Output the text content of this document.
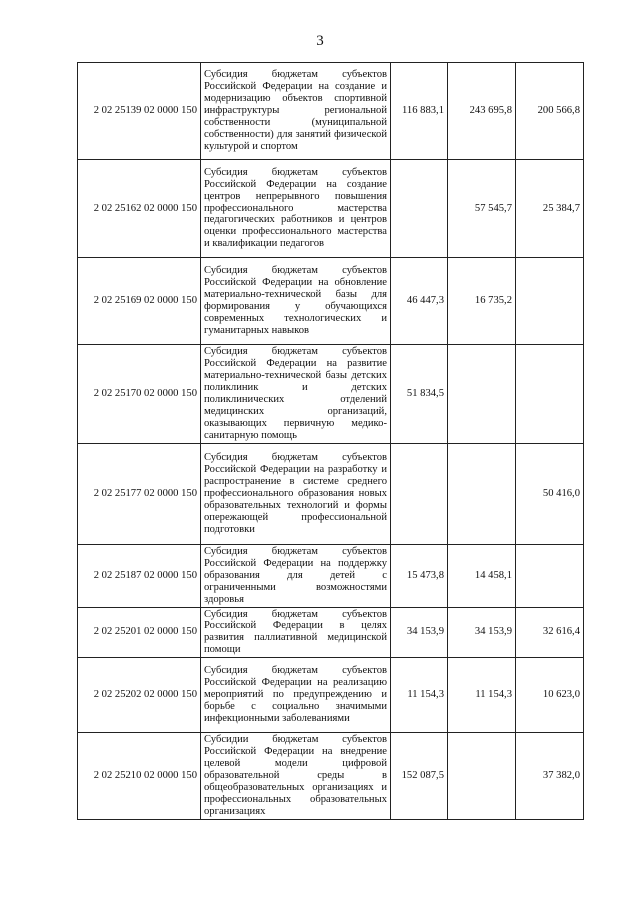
3
2 02 25139 02 0000 150	Субсидия бюджетам субъектов Российской Федерации на создание и модернизацию объектов спортивной инфраструктуры региональной собственности (муниципальной собственности) для занятий физической культурой и спортом	116 883,1	243 695,8	200 566,8
2 02 25162 02 0000 150	Субсидия бюджетам субъектов Российской Федерации на создание центров непрерывного повышения профессионального мастерства педагогических работников и центров оценки профессионального мастерства и квалификации педагогов		57 545,7	25 384,7
2 02 25169 02 0000 150	Субсидия бюджетам субъектов Российской Федерации на обновление материально-технической базы для формирования у обучающихся современных технологических и гуманитарных навыков	46 447,3	16 735,2	
2 02 25170 02 0000 150	Субсидия бюджетам субъектов Российской Федерации на развитие материально-технической базы детских поликлиник и детских поликлинических отделений медицинских организаций, оказывающих первичную медико-санитарную помощь	51 834,5		
2 02 25177 02 0000 150	Субсидия бюджетам субъектов Российской Федерации на разработку и распространение в системе среднего профессионального образования новых образовательных технологий и формы опережающей профессиональной подготовки			50 416,0
2 02 25187 02 0000 150	Субсидия бюджетам субъектов Российской Федерации на поддержку образования для детей с ограниченными возможностями здоровья	15 473,8	14 458,1	
2 02 25201 02 0000 150	Субсидия бюджетам субъектов Российской Федерации в целях развития паллиативной медицинской помощи	34 153,9	34 153,9	32 616,4
2 02 25202 02 0000 150	Субсидия бюджетам субъектов Российской Федерации на реализацию мероприятий по предупреждению и борьбе с социально значимыми инфекционными заболеваниями	11 154,3	11 154,3	10 623,0
2 02 25210 02 0000 150	Субсидии бюджетам субъектов Российской Федерации на внедрение целевой модели цифровой образовательной среды в общеобразовательных организациях и профессиональных образовательных организациях	152 087,5		37 382,0
